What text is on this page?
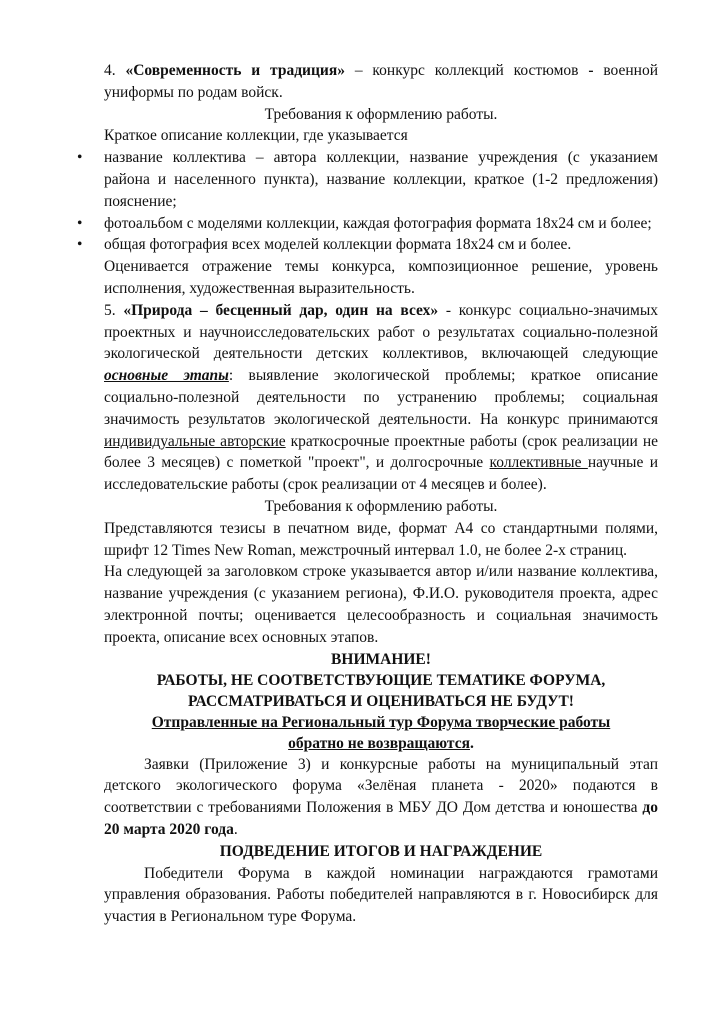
4. «Современность и традиция» – конкурс коллекций костюмов - военной униформы по родам войск.

Требования к оформлению работы.

Краткое описание коллекции, где указывается

• название коллектива – автора коллекции, название учреждения (с указанием района и населенного пункта), название коллекции, краткое (1-2 предложения) пояснение;
• фотоальбом с моделями коллекции, каждая фотография формата 18х24 см и более;
• общая фотография всех моделей коллекции формата 18х24 см и более.

Оценивается отражение темы конкурса, композиционное решение, уровень исполнения, художественная выразительность.

5. «Природа – бесценный дар, один на всех» - конкурс социально-значимых проектных и научноисследовательских работ о результатах социально-полезной экологической деятельности детских коллективов, включающей следующие основные этапы: выявление экологической проблемы; краткое описание социально-полезной деятельности по устранению проблемы; социальная значимость результатов экологической деятельности. На конкурс принимаются индивидуальные авторские краткосрочные проектные работы (срок реализации не более 3 месяцев) с пометкой "проект", и долгосрочные коллективные научные и исследовательские работы (срок реализации от 4 месяцев и более).

Требования к оформлению работы.

Представляются тезисы в печатном виде, формат А4 со стандартными полями, шрифт 12 Times New Roman, межстрочный интервал 1.0, не более 2-х страниц.

На следующей за заголовком строке указывается автор и/или название коллектива, название учреждения (с указанием региона), Ф.И.О. руководителя проекта, адрес электронной почты; оценивается целесообразность и социальная значимость проекта, описание всех основных этапов.

ВНИМАНИЕ!

РАБОТЫ, НЕ СООТВЕТСТВУЮЩИЕ ТЕМАТИКЕ ФОРУМА,

РАССМАТРИВАТЬСЯ И ОЦЕНИВАТЬСЯ НЕ БУДУТ!

Отправленные на Региональный тур Форума творческие работы

обратно не возвращаются.

Заявки (Приложение 3) и конкурсные работы на муниципальный этап детского экологического форума «Зелёная планета - 2020» подаются в соответствии с требованиями Положения в МБУ ДО Дом детства и юношества до 20 марта 2020 года.

ПОДВЕДЕНИЕ ИТОГОВ И НАГРАЖДЕНИЕ

Победители Форума в каждой номинации награждаются грамотами управления образования. Работы победителей направляются в г. Новосибирск для участия в Региональном туре Форума.
